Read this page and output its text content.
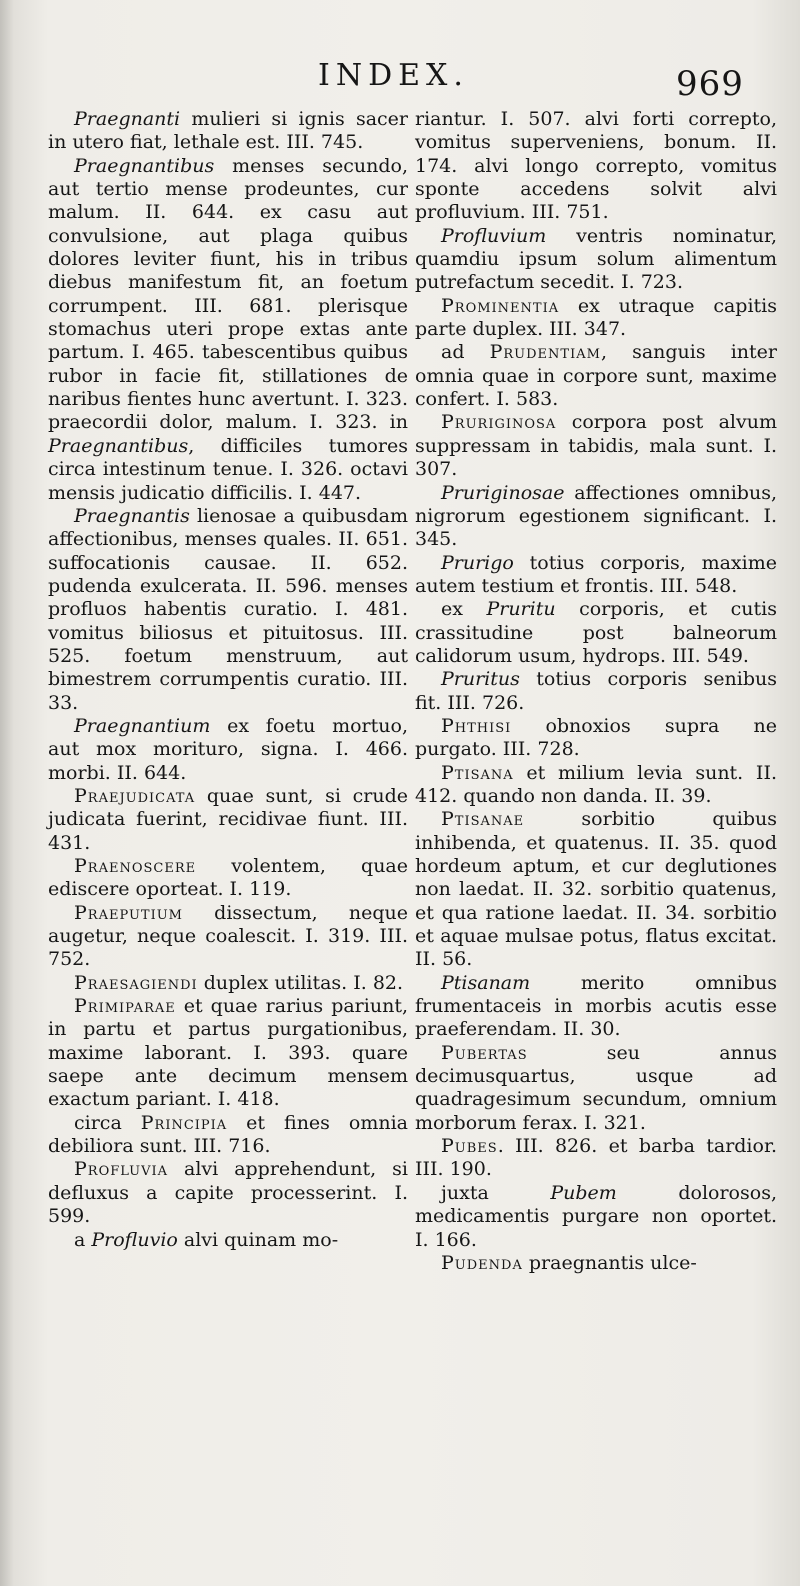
INDEX.	969

Praegnanti mulieri si ignis sacer in utero fiat, lethale est. III. 745.

Praegnantibus menses secundo, aut tertio mense prodeuntes, cur malum. II. 644. ex casu aut convulsione, aut plaga quibus dolores leviter fiunt, his in tribus diebus manifestum fit, an foetum corrumpent. III. 681. plerisque stomachus uteri prope extas ante partum. I. 465. tabescentibus quibus rubor in facie fit, stillationes de naribus fientes hunc avertunt. I. 323. praecordii dolor, malum. I. 323. in Praegnantibus, difficiles tumores circa intestinum tenue. I. 326. octavi mensis judicatio difficilis. I. 447.

Praegnantis lienosae a quibusdam affectionibus, menses quales. II. 651. suffocationis causae. II. 652. pudenda exulcerata. II. 596. menses profluos habentis curatio. I. 481. vomitus biliosus et pituitosus. III. 525. foetum menstruum, aut bimestrem corrumpentis curatio. III. 33.

Praegnantium ex foetu mortuo, aut mox morituro, signa. I. 466. morbi. II. 644.

Praejudicata quae sunt, si crude judicata fuerint, recidivae fiunt. III. 431.

Praenoscere volentem, quae ediscere oporteat. I. 119.

Praeputium dissectum, neque augetur, neque coalescit. I. 319. III. 752.

Praesagiendi duplex utilitas. I. 82.

Primiparae et quae rarius pariunt, in partu et partus purgationibus, maxime laborant. I. 393. quare saepe ante decimum mensem exactum pariant. I. 418.

circa Principia et fines omnia debiliora sunt. III. 716.

Profluvia alvi apprehendunt, si defluxus a capite processerint. I. 599.

a Profluvio alvi quinam mo-

riantur. I. 507. alvi forti correpto, vomitus superveniens, bonum. II. 174. alvi longo correpto, vomitus sponte accedens solvit alvi profluvium. III. 751.

Profluvium ventris nominatur, quamdiu ipsum solum alimentum putrefactum secedit. I. 723.

Prominentia ex utraque capitis parte duplex. III. 347.

ad Prudentiam, sanguis inter omnia quae in corpore sunt, maxime confert. I. 583.

Pruriginosa corpora post alvum suppressam in tabidis, mala sunt. I. 307.

Pruriginosae affectiones omnibus, nigrorum egestionem significant. I. 345.

Prurigo totius corporis, maxime autem testium et frontis. III. 548.

ex Pruritu corporis, et cutis crassitudine post balneorum calidorum usum, hydrops. III. 549.

Pruritus totius corporis senibus fit. III. 726.

Phthisi obnoxios supra ne purgato. III. 728.

Ptisana et milium levia sunt. II. 412. quando non danda. II. 39.

Ptisanae sorbitio quibus inhibenda, et quatenus. II. 35. quod hordeum aptum, et cur deglutiones non laedat. II. 32. sorbitio quatenus, et qua ratione laedat. II. 34. sorbitio et aquae mulsae potus, flatus excitat. II. 56.

Ptisanam merito omnibus frumentaceis in morbis acutis esse praeferendam. II. 30.

Pubertas seu annus decimusquartus, usque ad quadragesimum secundum, omnium morborum ferax. I. 321.

Pubes. III. 826. et barba tardior. III. 190.

juxta Pubem dolorosos, medicamentis purgare non oportet. I. 166.

Pudenda praegnantis ulce-
